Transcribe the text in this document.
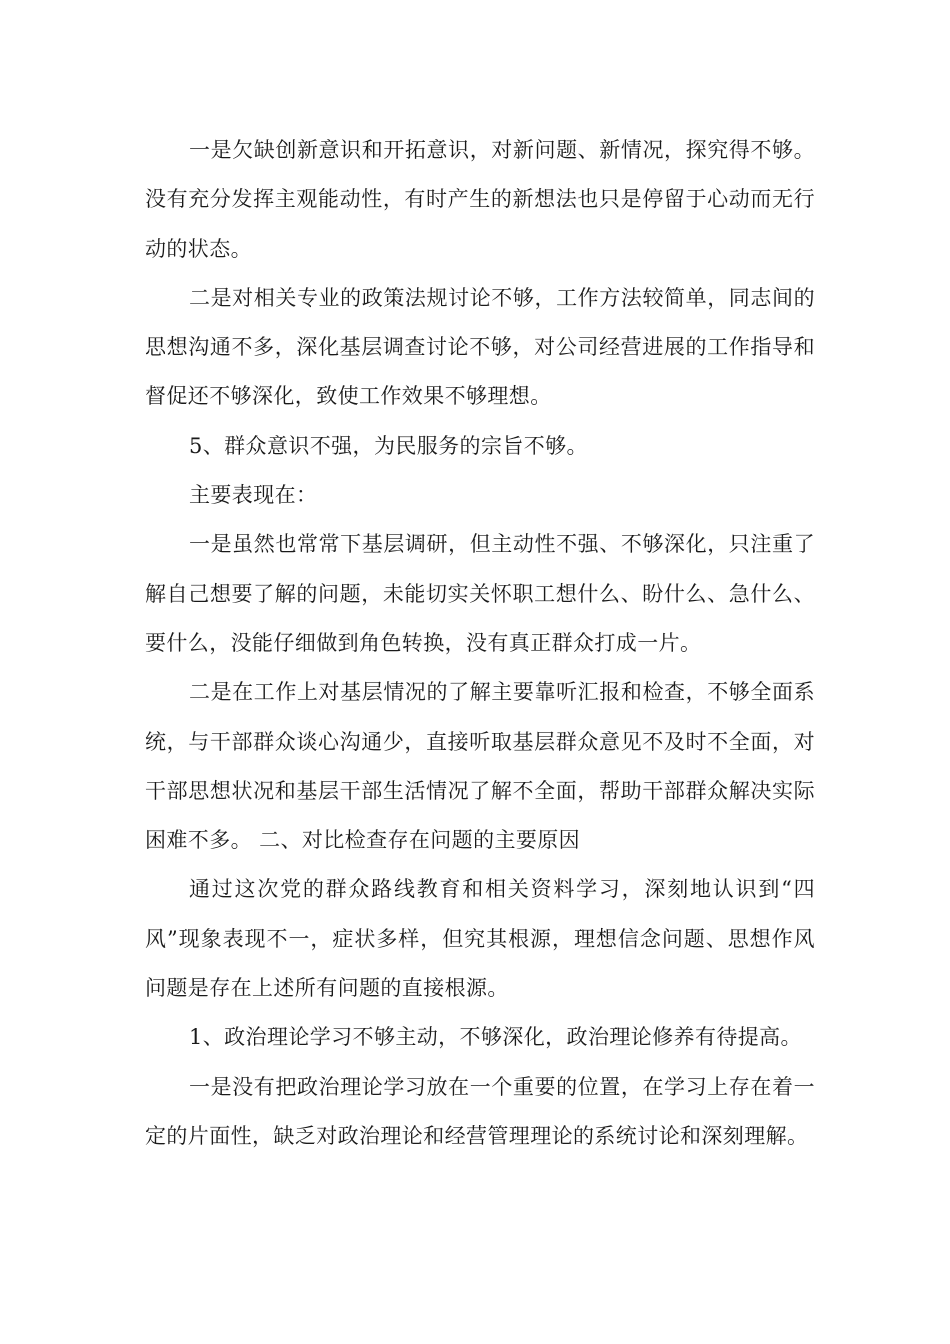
一是欠缺创新意识和开拓意识，对新问题、新情况，探究得不够。没有充分发挥主观能动性，有时产生的新想法也只是停留于心动而无行动的状态。

二是对相关专业的政策法规讨论不够，工作方法较简单，同志间的思想沟通不多，深化基层调查讨论不够，对公司经营进展的工作指导和督促还不够深化，致使工作效果不够理想。

5、群众意识不强，为民服务的宗旨不够。

主要表现在：

一是虽然也常常下基层调研，但主动性不强、不够深化，只注重了解自己想要了解的问题，未能切实关怀职工想什么、盼什么、急什么、要什么，没能仔细做到角色转换，没有真正群众打成一片。

二是在工作上对基层情况的了解主要靠听汇报和检查，不够全面系统，与干部群众谈心沟通少，直接听取基层群众意见不及时不全面，对干部思想状况和基层干部生活情况了解不全面，帮助干部群众解决实际困难不多。 二、对比检查存在问题的主要原因

通过这次党的群众路线教育和相关资料学习，深刻地认识到“四风”现象表现不一，症状多样，但究其根源，理想信念问题、思想作风问题是存在上述所有问题的直接根源。

1、政治理论学习不够主动，不够深化，政治理论修养有待提高。

一是没有把政治理论学习放在一个重要的位置，在学习上存在着一定的片面性，缺乏对政治理论和经营管理理论的系统讨论和深刻理解。
